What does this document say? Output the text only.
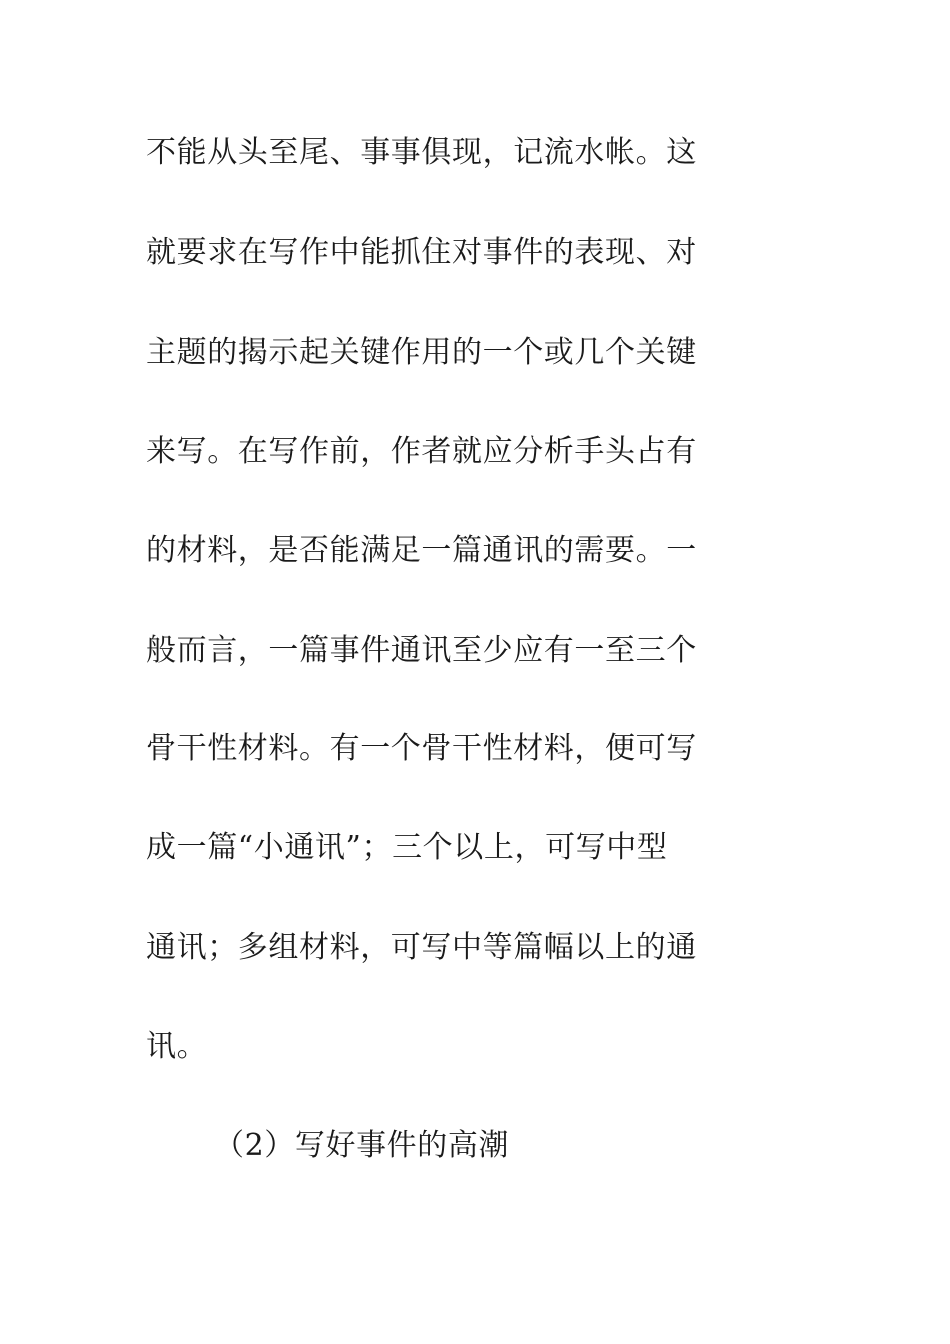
不能从头至尾、事事俱现，记流水帐。这
就要求在写作中能抓住对事件的表现、对
主题的揭示起关键作用的一个或几个关键
来写。在写作前，作者就应分析手头占有
的材料，是否能满足一篇通讯的需要。一
般而言，一篇事件通讯至少应有一至三个
骨干性材料。有一个骨干性材料，便可写
成一篇“小通讯”；三个以上，可写中型
通讯；多组材料，可写中等篇幅以上的通
讯。
（2）写好事件的高潮
